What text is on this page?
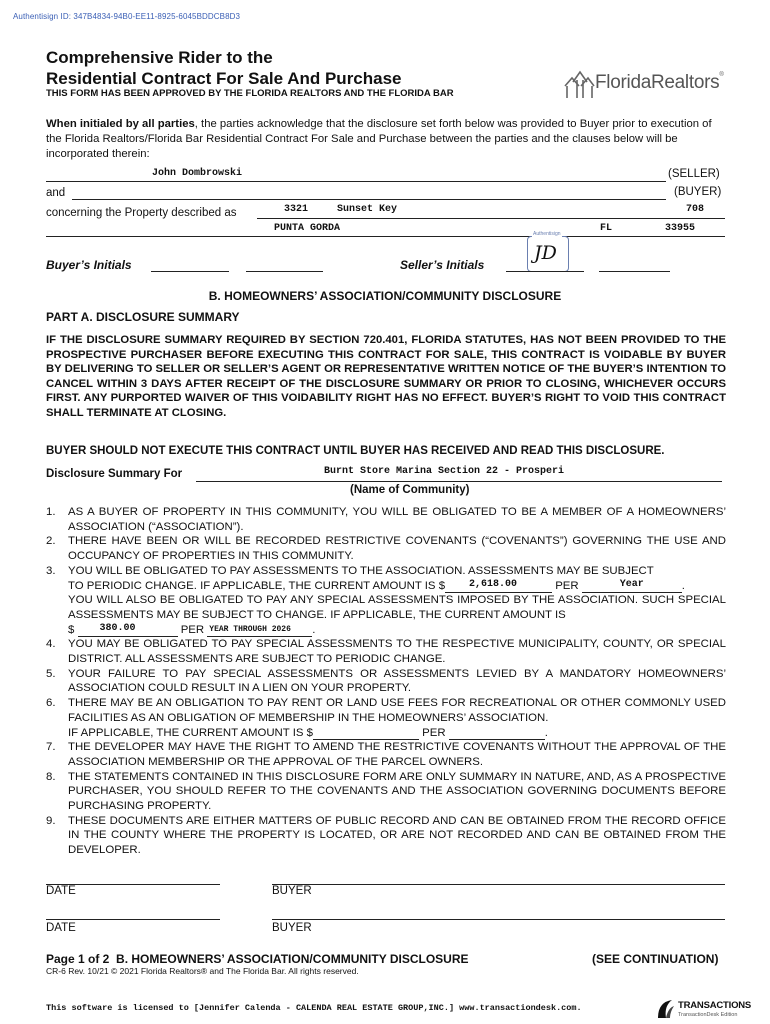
Authentisign ID: 347B4834-94B0-EE11-8925-6045BDDCB8D3
Comprehensive Rider to the
Residential Contract For Sale And Purchase
THIS FORM HAS BEEN APPROVED BY THE FLORIDA REALTORS AND THE FLORIDA BAR
FloridaRealtors®
When initialed by all parties, the parties acknowledge that the disclosure set forth below was provided to Buyer prior to execution of the Florida Realtors/Florida Bar Residential Contract For Sale and Purchase between the parties and the clauses below will be incorporated therein:
John Dombrowski	(SELLER)
and	(BUYER)
concerning the Property described as	3321	Sunset Key	708
PUNTA GORDA	FL	33955
Buyer’s Initials	Seller’s Initials
Authentisign
JD
B. HOMEOWNERS’ ASSOCIATION/COMMUNITY DISCLOSURE
PART A. DISCLOSURE SUMMARY
IF THE DISCLOSURE SUMMARY REQUIRED BY SECTION 720.401, FLORIDA STATUTES, HAS NOT BEEN PROVIDED TO THE PROSPECTIVE PURCHASER BEFORE EXECUTING THIS CONTRACT FOR SALE, THIS CONTRACT IS VOIDABLE BY BUYER BY DELIVERING TO SELLER OR SELLER’S AGENT OR REPRESENTATIVE WRITTEN NOTICE OF THE BUYER’S INTENTION TO CANCEL WITHIN 3 DAYS AFTER RECEIPT OF THE DISCLOSURE SUMMARY OR PRIOR TO CLOSING, WHICHEVER OCCURS FIRST. ANY PURPORTED WAIVER OF THIS VOIDABILITY RIGHT HAS NO EFFECT. BUYER’S RIGHT TO VOID THIS CONTRACT SHALL TERMINATE AT CLOSING.
BUYER SHOULD NOT EXECUTE THIS CONTRACT UNTIL BUYER HAS RECEIVED AND READ THIS DISCLOSURE.
Disclosure Summary For	Burnt Store Marina Section 22 - Prosperi
(Name of Community)
1. AS A BUYER OF PROPERTY IN THIS COMMUNITY, YOU WILL BE OBLIGATED TO BE A MEMBER OF A HOMEOWNERS’ ASSOCIATION (“ASSOCIATION”).
2. THERE HAVE BEEN OR WILL BE RECORDED RESTRICTIVE COVENANTS (“COVENANTS”) GOVERNING THE USE AND OCCUPANCY OF PROPERTIES IN THIS COMMUNITY.
3. YOU WILL BE OBLIGATED TO PAY ASSESSMENTS TO THE ASSOCIATION. ASSESSMENTS MAY BE SUBJECT
TO PERIODIC CHANGE. IF APPLICABLE, THE CURRENT AMOUNT IS $ 2,618.00	PER	Year	.
YOU WILL ALSO BE OBLIGATED TO PAY ANY SPECIAL ASSESSMENTS IMPOSED BY THE ASSOCIATION. SUCH SPECIAL ASSESSMENTS MAY BE SUBJECT TO CHANGE. IF APPLICABLE, THE CURRENT AMOUNT IS
$	380.00	PER YEAR THROUGH 2026 .
4. YOU MAY BE OBLIGATED TO PAY SPECIAL ASSESSMENTS TO THE RESPECTIVE MUNICIPALITY, COUNTY, OR SPECIAL DISTRICT. ALL ASSESSMENTS ARE SUBJECT TO PERIODIC CHANGE.
5. YOUR FAILURE TO PAY SPECIAL ASSESSMENTS OR ASSESSMENTS LEVIED BY A MANDATORY HOMEOWNERS’ ASSOCIATION COULD RESULT IN A LIEN ON YOUR PROPERTY.
6. THERE MAY BE AN OBLIGATION TO PAY RENT OR LAND USE FEES FOR RECREATIONAL OR OTHER COMMONLY USED FACILITIES AS AN OBLIGATION OF MEMBERSHIP IN THE HOMEOWNERS’ ASSOCIATION.
IF APPLICABLE, THE CURRENT AMOUNT IS $	PER	.
7. THE DEVELOPER MAY HAVE THE RIGHT TO AMEND THE RESTRICTIVE COVENANTS WITHOUT THE APPROVAL OF THE ASSOCIATION MEMBERSHIP OR THE APPROVAL OF THE PARCEL OWNERS.
8. THE STATEMENTS CONTAINED IN THIS DISCLOSURE FORM ARE ONLY SUMMARY IN NATURE, AND, AS A PROSPECTIVE PURCHASER, YOU SHOULD REFER TO THE COVENANTS AND THE ASSOCIATION GOVERNING DOCUMENTS BEFORE PURCHASING PROPERTY.
9. THESE DOCUMENTS ARE EITHER MATTERS OF PUBLIC RECORD AND CAN BE OBTAINED FROM THE RECORD OFFICE IN THE COUNTY WHERE THE PROPERTY IS LOCATED, OR ARE NOT RECORDED AND CAN BE OBTAINED FROM THE DEVELOPER.
DATE	BUYER
DATE	BUYER
Page 1 of 2 B. HOMEOWNERS’ ASSOCIATION/COMMUNITY DISCLOSURE	(SEE CONTINUATION)
CR-6 Rev. 10/21 © 2021 Florida Realtors® and The Florida Bar. All rights reserved.
This software is licensed to [Jennifer Calenda - CALENDA REAL ESTATE GROUP,INC.] www.transactiondesk.com.	TRANSACTIONS
TransactionDesk Edition
